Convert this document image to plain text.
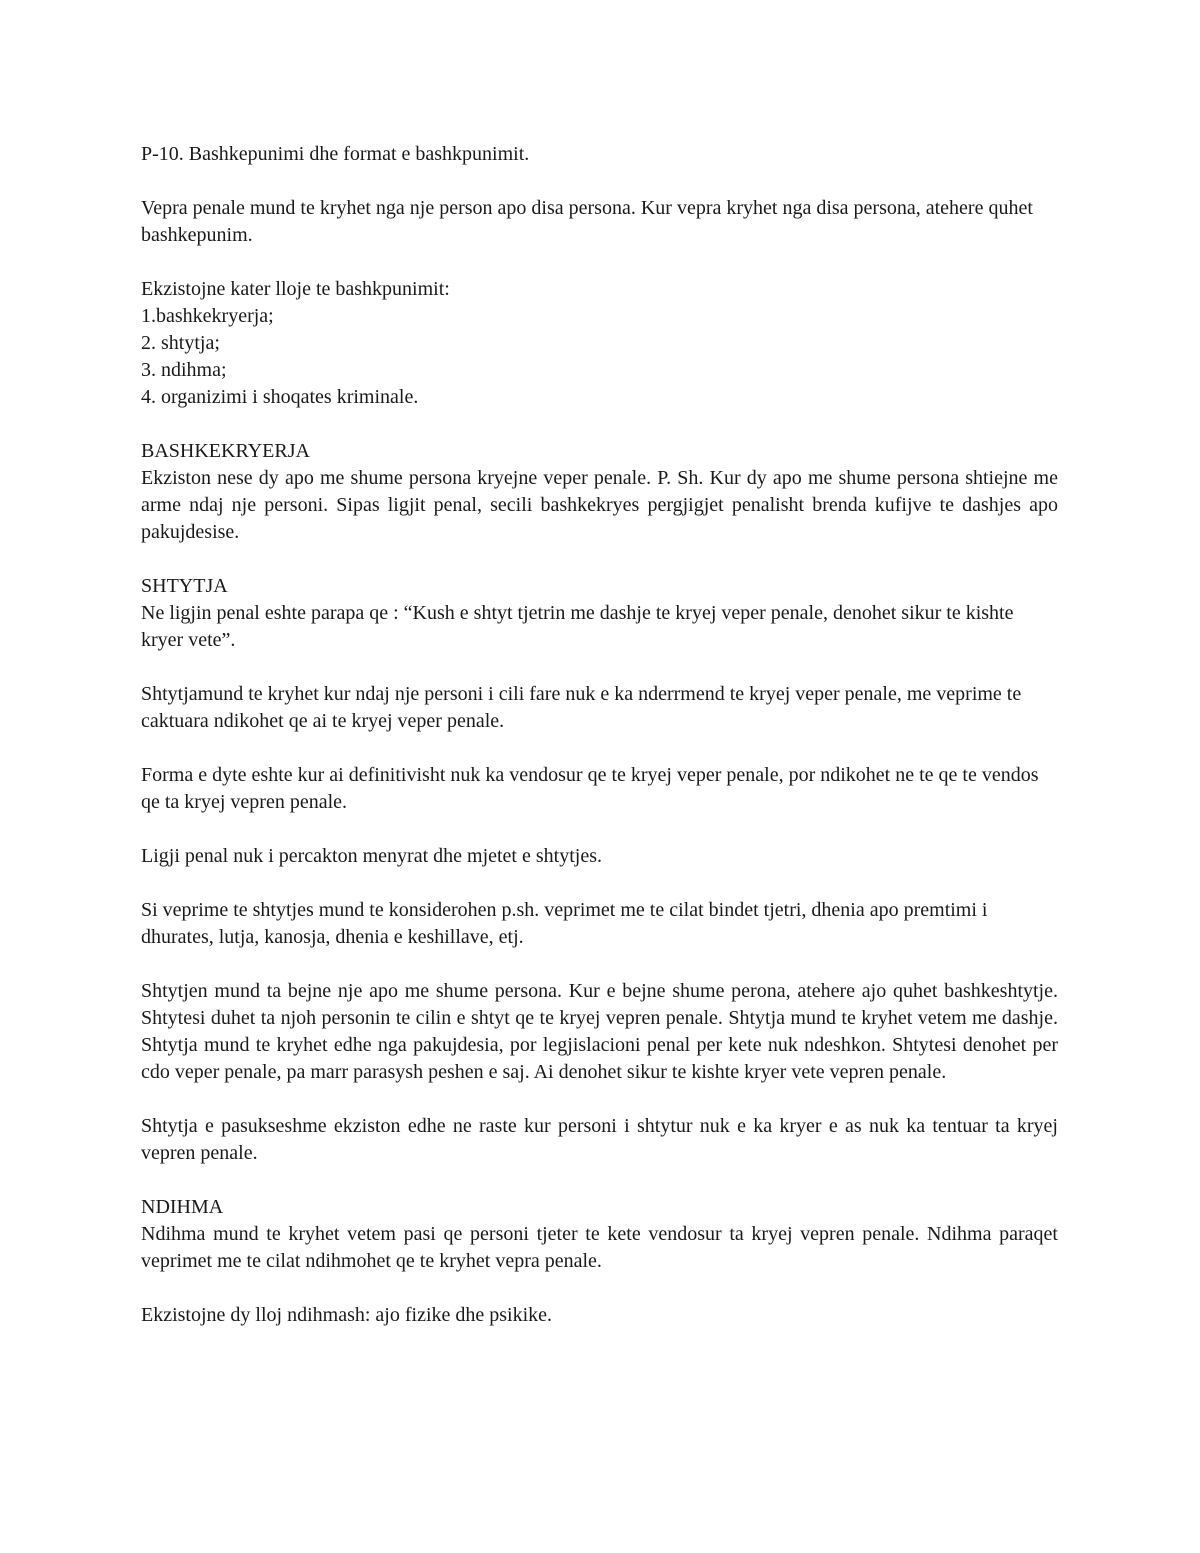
P-10. Bashkepunimi dhe format e bashkpunimit.

Vepra penale mund te kryhet nga nje person apo disa persona. Kur vepra kryhet nga disa persona, atehere quhet bashkepunim.

Ekzistojne kater lloje te bashkpunimit:

1.bashkekryerja;
2. shtytja;
3. ndihma;
4. organizimi i shoqates kriminale.

BASHKEKRYERJA

Ekziston nese dy apo me shume persona kryejne veper penale. P. Sh. Kur dy apo me shume persona shtiejne me arme ndaj nje personi. Sipas ligjit penal, secili bashkekryes pergjigjet penalisht brenda kufijve te dashjes apo pakujdesise.

SHTYTJA

Ne ligjin penal eshte parapa qe : “Kush e shtyt tjetrin me dashje te kryej veper penale, denohet sikur te kishte kryer vete”.

Shtytjamund te kryhet kur ndaj nje personi i cili fare nuk e ka nderrmend te kryej veper penale, me veprime te caktuara ndikohet qe ai te kryej veper penale.

Forma e dyte eshte kur ai definitivisht nuk ka vendosur qe te kryej veper penale, por ndikohet ne te qe te vendos qe ta kryej vepren penale.

Ligji penal nuk i percakton menyrat dhe mjetet e shtytjes.

Si veprime te shtytjes mund te konsiderohen p.sh. veprimet me te cilat bindet tjetri, dhenia apo premtimi i dhurates, lutja, kanosja, dhenia e keshillave, etj.

Shtytjen mund ta bejne nje apo me shume persona. Kur e bejne shume perona, atehere ajo quhet bashkeshtytje. Shtytesi duhet ta njoh personin te cilin e shtyt qe te kryej vepren penale. Shtytja mund te kryhet vetem me dashje. Shtytja mund te kryhet edhe nga pakujdesia, por legjislacioni penal per kete nuk ndeshkon. Shtytesi denohet per cdo veper penale, pa marr parasysh peshen e saj. Ai denohet sikur te kishte kryer vete vepren penale.

Shtytja e pasukseshme ekziston edhe ne raste kur personi i shtytur nuk e ka kryer e as nuk ka tentuar ta kryej vepren penale.

NDIHMA

Ndihma mund te kryhet vetem pasi qe personi tjeter te kete vendosur ta kryej vepren penale. Ndihma paraqet veprimet me te cilat ndihmohet qe te kryhet vepra penale.

Ekzistojne dy lloj ndihmash: ajo fizike dhe psikike.
